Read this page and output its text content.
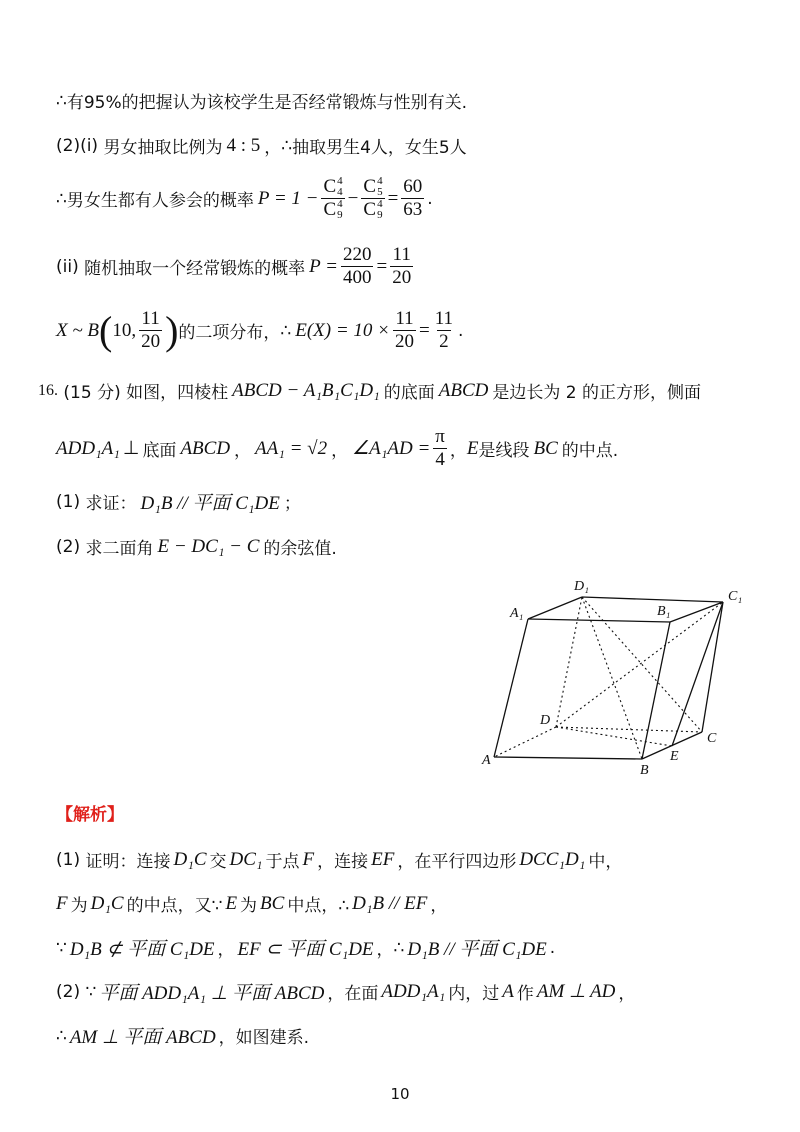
∴ 有95%的把握认为该校学生是否经常锻炼与性别有关.
(2)(i)
男女抽取比例为 4 : 5 ， ∴ 抽取男生4人，女生5人
∴ 男女生都有人参会的概率 P = 1 − C 4
4
C 4
9 − C 4
5
C 4
$9 = \frac{60}{63}$ .
(ii)
随机抽取一个经常锻炼的概率 $P = \frac{220}{400} = \frac{11}{20}$
X ~ B ( 10, $\frac{11}{20}$ ) 的二项分布， ∴ $E(X) = 10 \times \frac{11}{20} = \frac{11}{2}$ .
16.
(15 分)
如图，四棱柱 ABCD − A₁B₁C₁D₁ 的底面 ABCD 是边长为 2 的正方形，侧面
ADD₁A₁ ⊥ 底面 ABCD ， AA₁ = √2 ， ∠A₁AD = $\frac{\pi}{4}$ ， E 是线段 BC 的中点.
(1)
求证： D₁B // 平面 C₁DE ；
(2)
求二面角 E − DC₁ − C 的余弦值.
A
B
C
D
E
A₁	B₁
C₁
D₁
【解析】
(1)
证明：连接 D₁C 交 DC₁ 于点 F ，连接 EF ，在平行四边形 DCC₁D₁ 中，
F 为 D₁C 的中点，又∵ E 为 BC 中点，∴ D₁B // EF ，
∵ D₁B ⊄ 平面 C₁DE ， EF ⊂ 平面 C₁DE ， ∴ D₁B // 平面 C₁DE .
(2)
∵ 平面 ADD₁A₁ ⊥ 平面 ABCD ，在面 ADD₁A₁ 内，过 A 作 AM ⊥ AD ，
∴ AM ⊥ 平面 ABCD ，如图建系.
10
